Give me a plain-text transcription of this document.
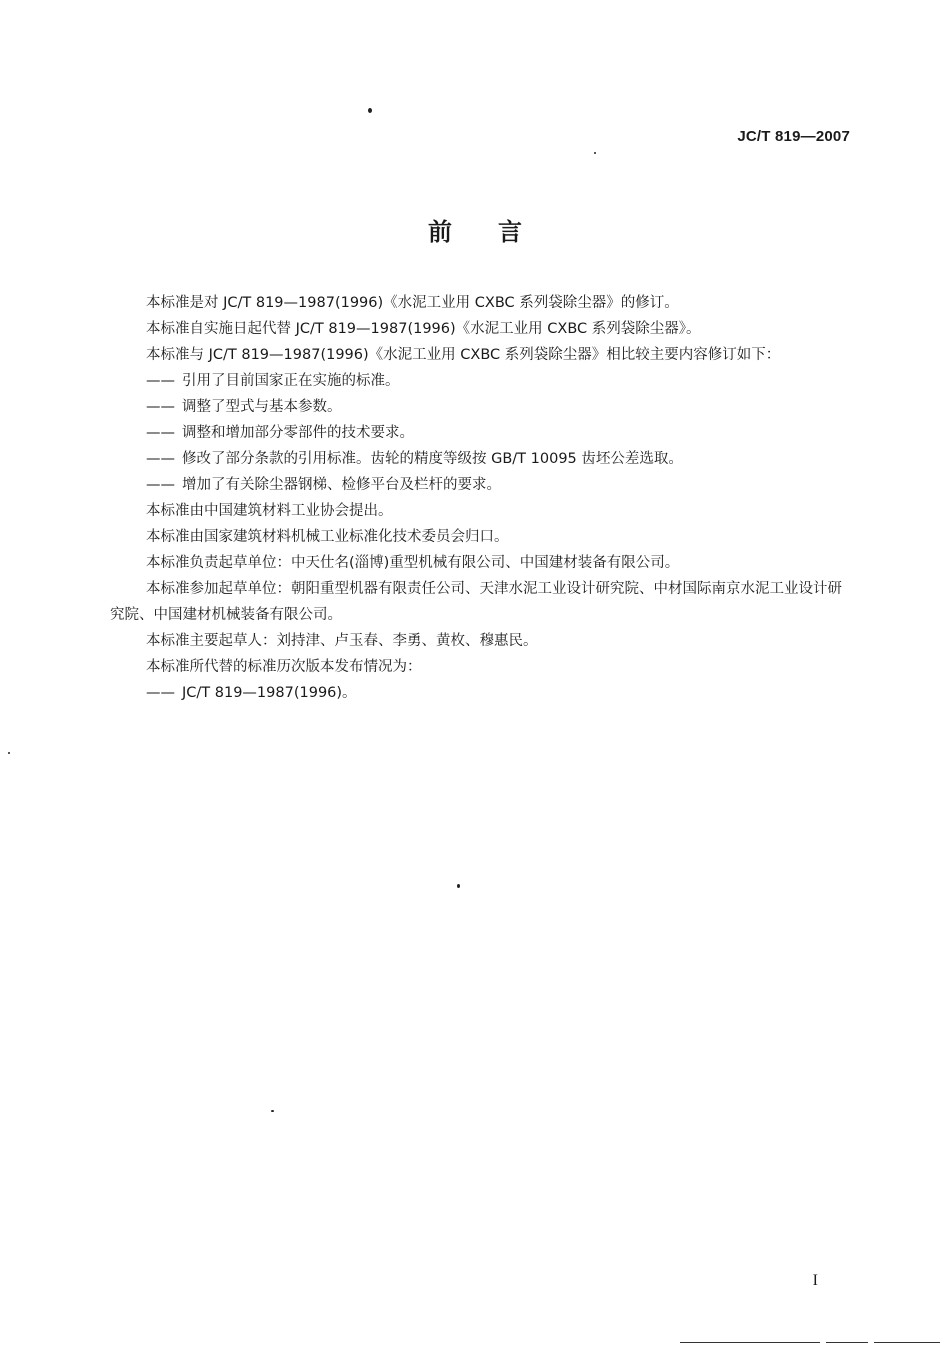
JC/T 819—2007
前言

本标准是对 JC/T 819—1987(1996)《水泥工业用 CXBC 系列袋除尘器》的修订。

本标准自实施日起代替 JC/T 819—1987(1996)《水泥工业用 CXBC 系列袋除尘器》。

本标准与 JC/T 819—1987(1996)《水泥工业用 CXBC 系列袋除尘器》相比较主要内容修订如下：

—— 引用了目前国家正在实施的标准。

—— 调整了型式与基本参数。

—— 调整和增加部分零部件的技术要求。

—— 修改了部分条款的引用标准。齿轮的精度等级按 GB/T 10095 齿坯公差选取。

—— 增加了有关除尘器钢梯、检修平台及栏杆的要求。

本标准由中国建筑材料工业协会提出。

本标准由国家建筑材料机械工业标准化技术委员会归口。

本标准负责起草单位：中天仕名(淄博)重型机械有限公司、中国建材装备有限公司。

本标准参加起草单位：朝阳重型机器有限责任公司、天津水泥工业设计研究院、中材国际南京水泥工业设计研究院、中国建材机械装备有限公司。

本标准主要起草人：刘持津、卢玉春、李勇、黄枚、穆惠民。

本标准所代替的标准历次版本发布情况为：

—— JC/T 819—1987(1996)。

I
